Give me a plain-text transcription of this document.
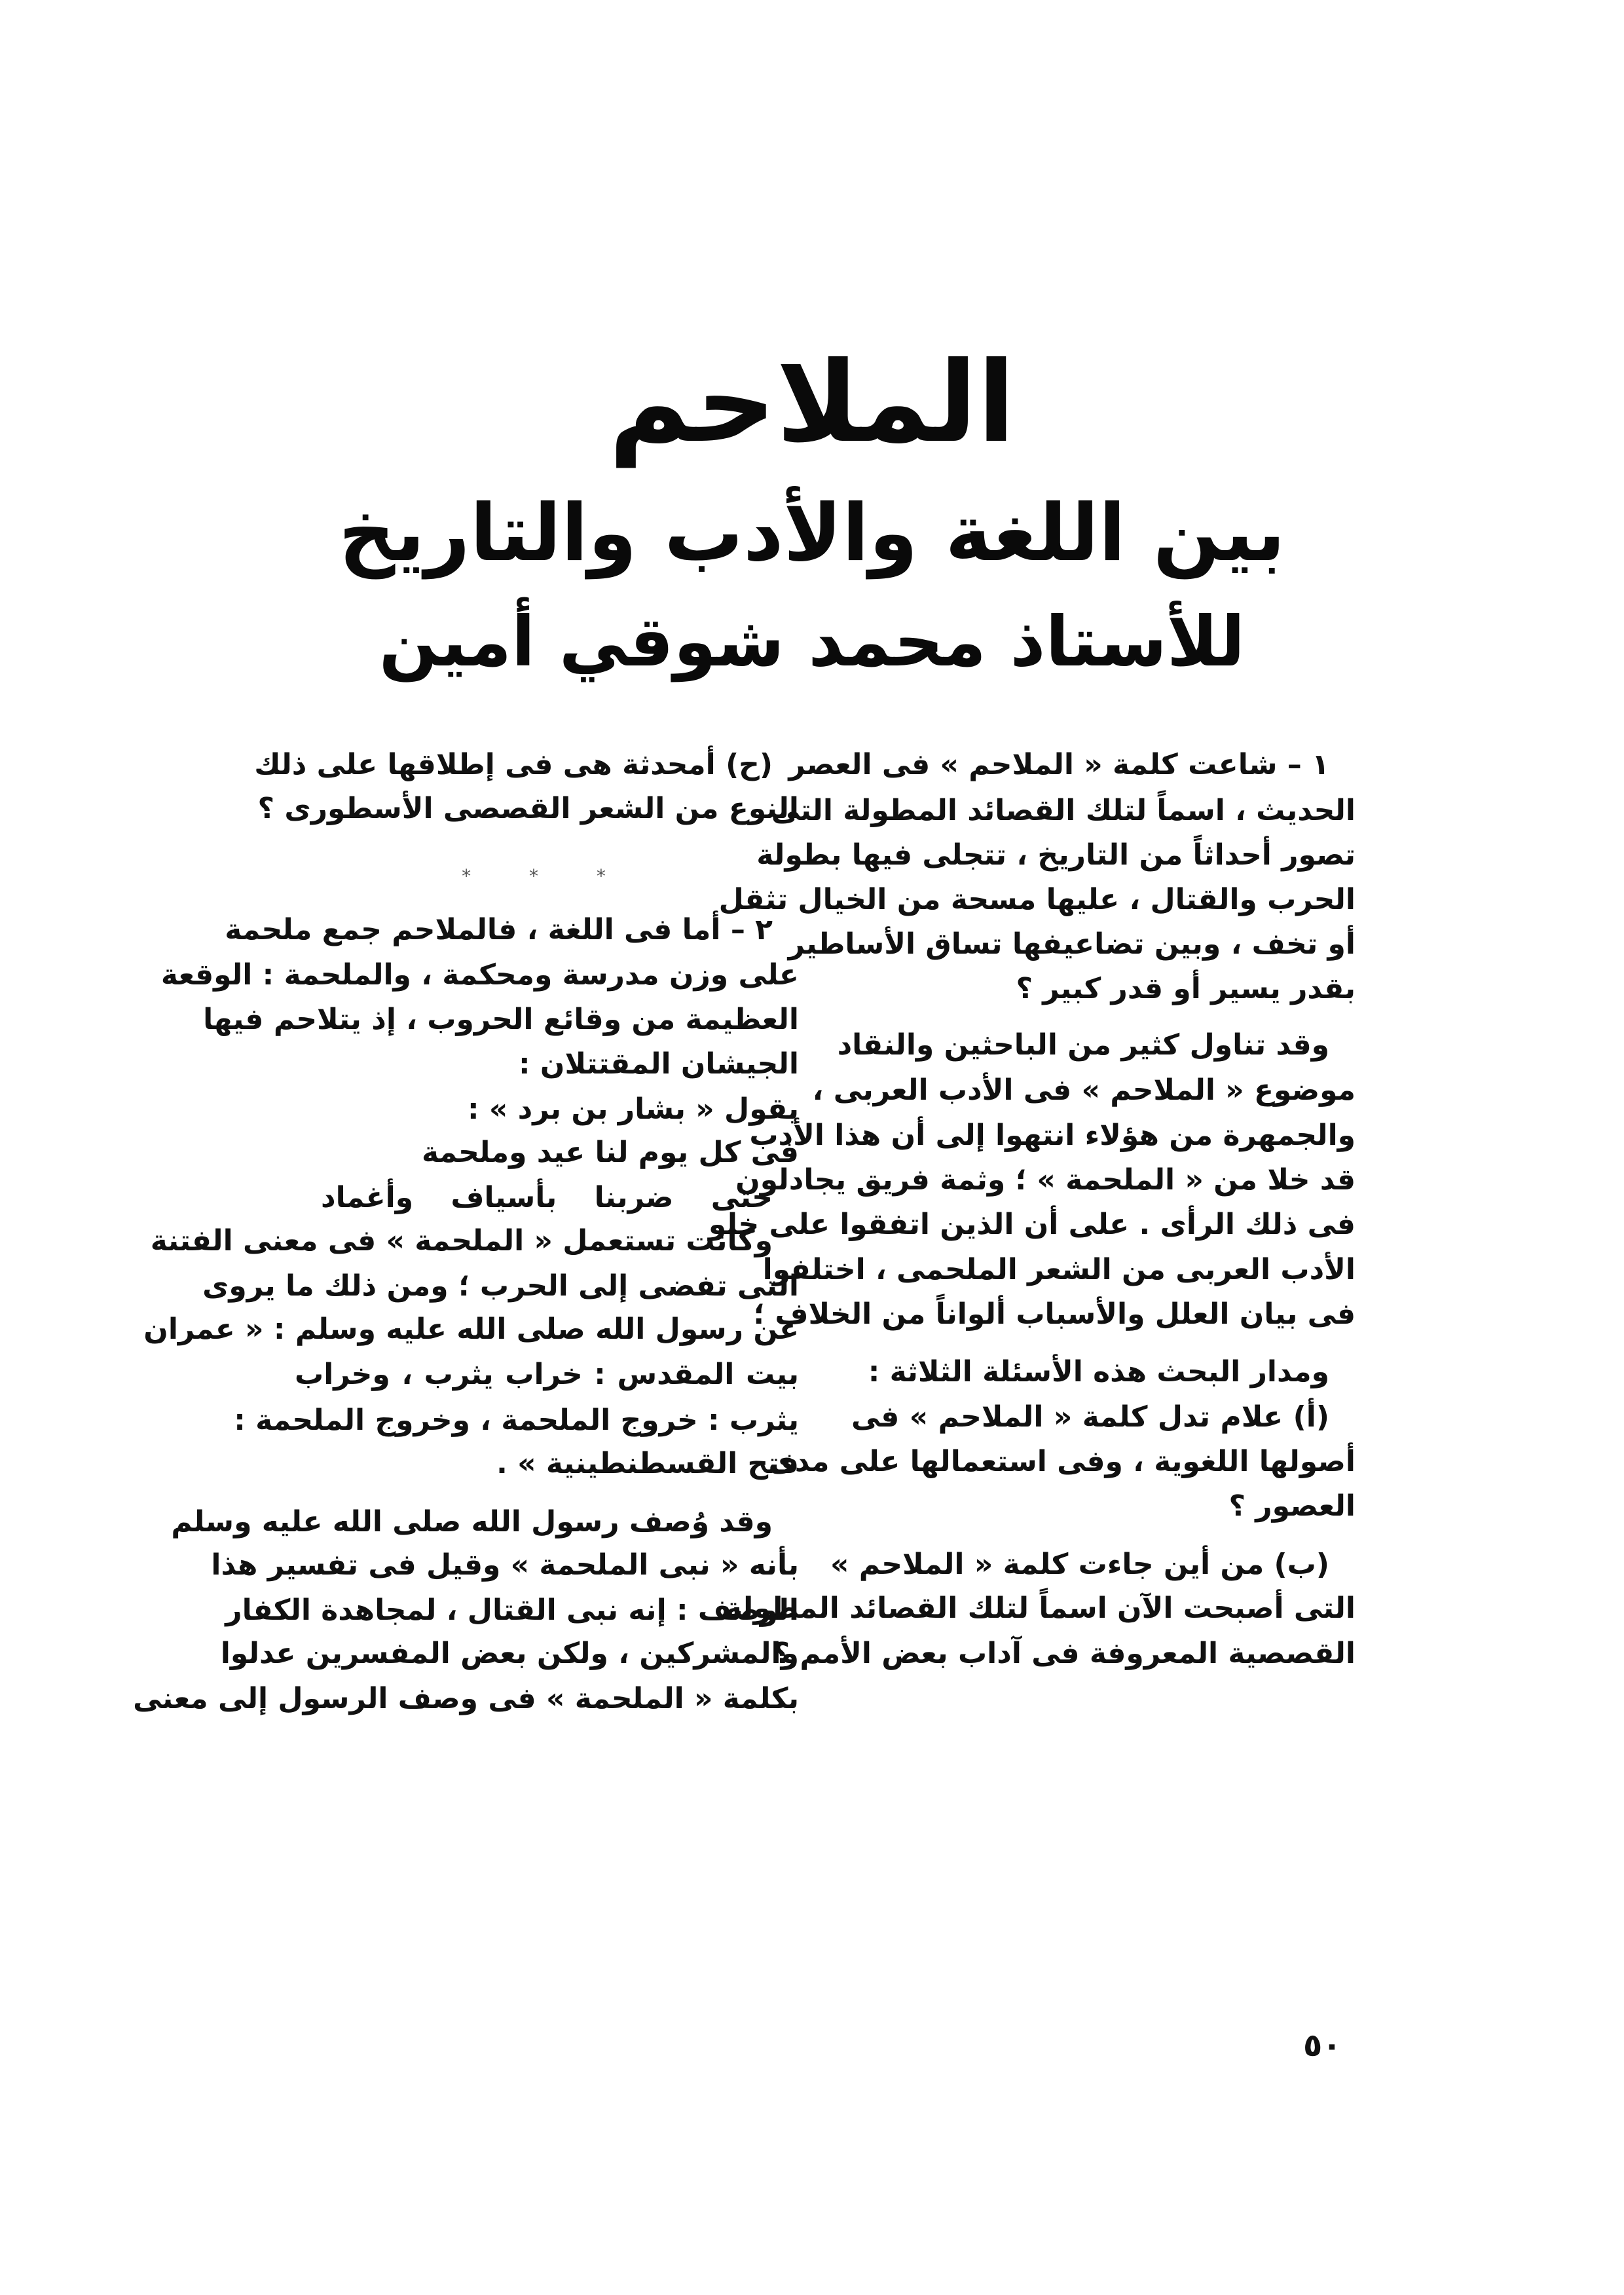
الملاحم
بين اللغة والأدب والتاريخ
للأستاذ محمد شوقي أمين
١ – شاعت كلمة « الملاحم » فى العصر
الحديث ، اسماً لتلك القصائد المطولة التى
تصور أحداثاً من التاريخ ، تتجلى فيها بطولة
الحرب والقتال ، عليها مسحة من الخيال تثقل
أو تخف ، وبين تضاعيفها تساق الأساطير
بقدر يسير أو قدر كبير ؟
وقد تناول كثير من الباحثين والنقاد
موضوع « الملاحم » فى الأدب العربى ،
والجمهرة من هؤلاء انتهوا إلى أن هذا الأدب
قد خلا من « الملحمة » ؛ وثمة فريق يجادلون
فى ذلك الرأى . على أن الذين اتفقوا على خلو
الأدب العربى من الشعر الملحمى ، اختلفوا
فى بيان العلل والأسباب ألواناً من الخلاف ؛
ومدار البحث هذه الأسئلة الثلاثة :
(أ) علام تدل كلمة « الملاحم » فى
أصولها اللغوية ، وفى استعمالها على مدى
العصور ؟
(ب) من أين جاءت كلمة « الملاحم »
التى أصبحت الآن اسماً لتلك القصائد المطولة
القصصية المعروفة فى آداب بعض الأمم ؟
(ح) أمحدثة هى فى إطلاقها على ذلك
النوع من الشعر القصصى الأسطورى ؟
* * *
٢ – أما فى اللغة ، فالملاحم جمع ملحمة
على وزن مدرسة ومحكمة ، والملحمة : الوقعة
العظيمة من وقائع الحروب ، إذ يتلاحم فيها
الجيشان المقتتلان :
يقول « بشار بن برد » :
فى كل يوم لنا عيد وملحمة
حتى ضربنا بأسياف وأغماد
وكانت تستعمل « الملحمة » فى معنى الفتنة
التى تفضى إلى الحرب ؛ ومن ذلك ما يروى
عن رسول الله صلى الله عليه وسلم : « عمران
بيت المقدس : خراب يثرب ، وخراب
يثرب : خروج الملحمة ، وخروج الملحمة :
فتح القسطنطينية » .
وقد وُصف رسول الله صلى الله عليه وسلم
بأنه « نبى الملحمة » وقيل فى تفسير هذا
الوصف : إنه نبى القتال ، لمجاهدة الكفار
والمشركين ، ولكن بعض المفسرين عدلوا
بكلمة « الملحمة » فى وصف الرسول إلى معنى
٥٠
